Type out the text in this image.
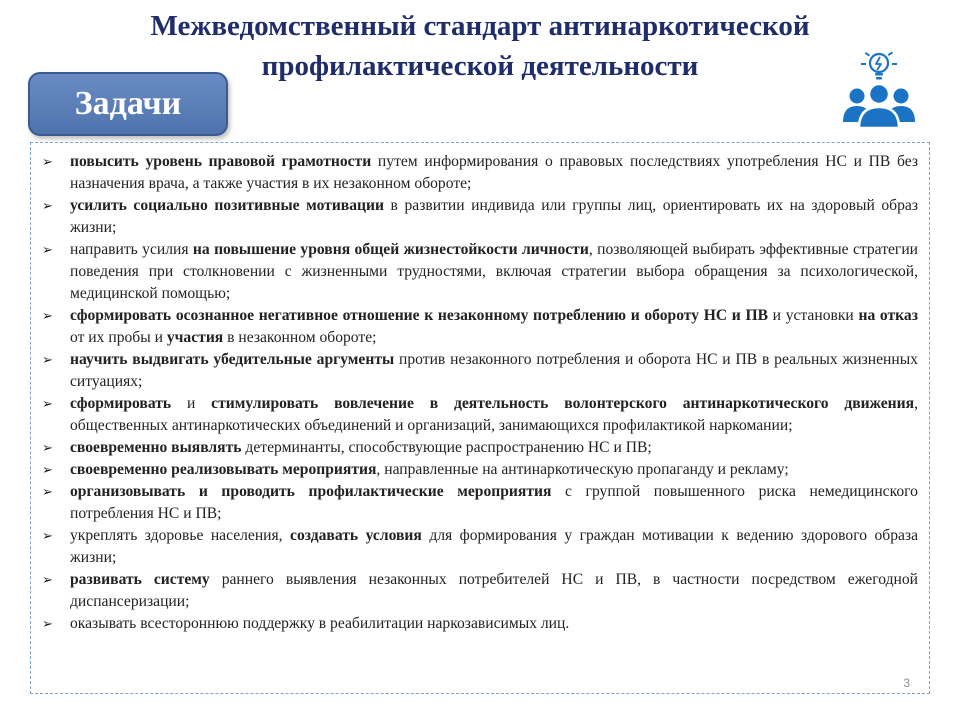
Межведомственный стандарт антинаркотической
профилактической деятельности
Задачи
➢ повысить уровень правовой грамотности путем информирования о правовых последствиях употребления НС и ПВ без назначения врача, а также участия в их незаконном обороте;
➢ усилить социально позитивные мотивации в развитии индивида или группы лиц, ориентировать их на здоровый образ жизни;
➢ направить усилия на повышение уровня общей жизнестойкости личности, позволяющей выбирать эффективные стратегии поведения при столкновении с жизненными трудностями, включая стратегии выбора обращения за психологической, медицинской помощью;
➢ сформировать осознанное негативное отношение к незаконному потреблению и обороту НС и ПВ и установки на отказ от их пробы и участия в незаконном обороте;
➢ научить выдвигать убедительные аргументы против незаконного потребления и оборота НС и ПВ в реальных жизненных ситуациях;
➢ сформировать и стимулировать вовлечение в деятельность волонтерского антинаркотического движения, общественных антинаркотических объединений и организаций, занимающихся профилактикой наркомании;
➢ своевременно выявлять детерминанты, способствующие распространению НС и ПВ;
➢ своевременно реализовывать мероприятия, направленные на антинаркотическую пропаганду и рекламу;
➢ организовывать и проводить профилактические мероприятия с группой повышенного риска немедицинского потребления НС и ПВ;
➢ укреплять здоровье населения, создавать условия для формирования у граждан мотивации к ведению здорового образа жизни;
➢ развивать систему раннего выявления незаконных потребителей НС и ПВ, в частности посредством ежегодной диспансеризации;
➢ оказывать всестороннюю поддержку в реабилитации наркозависимых лиц.
3
